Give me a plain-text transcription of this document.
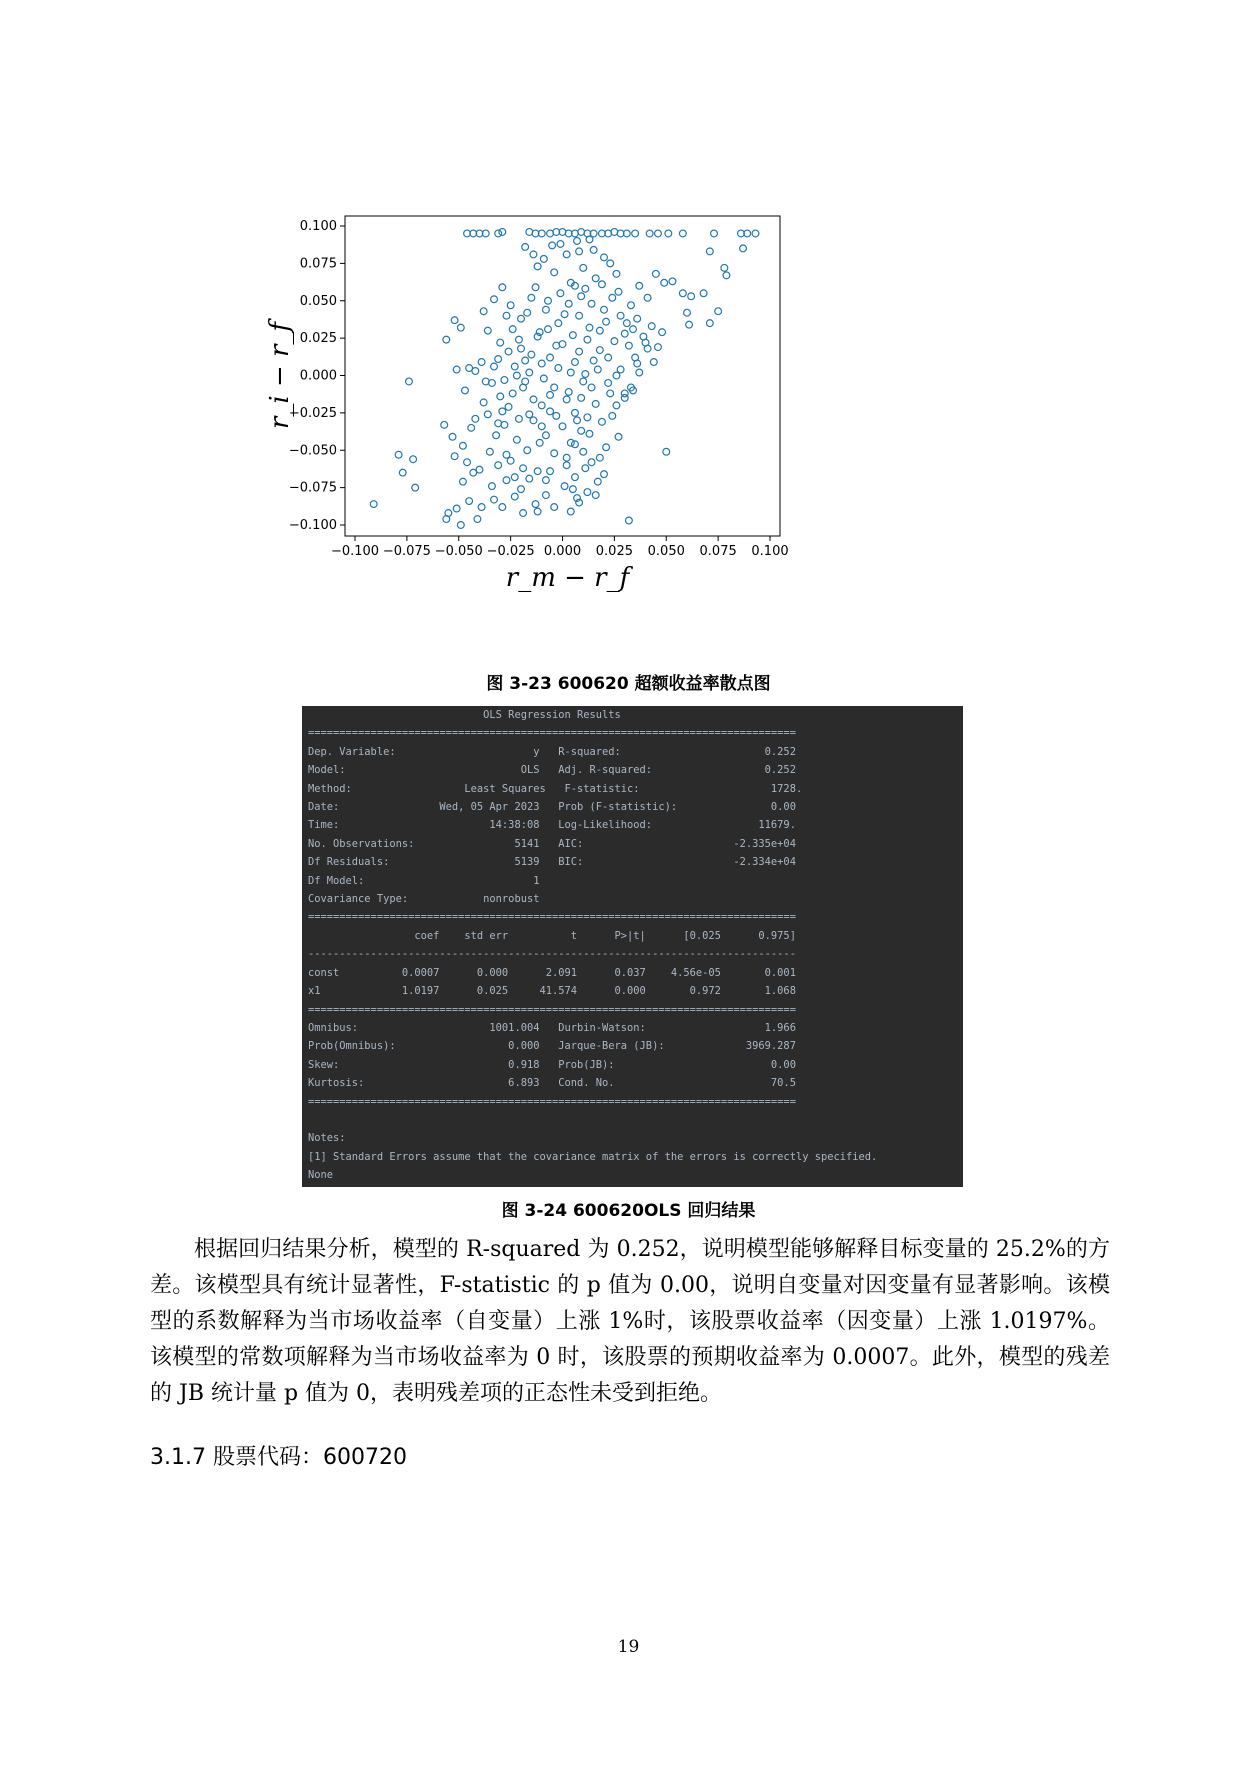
−0.100 −0.075 −0.050 −0.025 0.000 0.025 0.050 0.075 0.100
0.100
0.075
0.050
0.025
0.000
−0.025
−0.050
−0.075
−0.100
r_m − r_f
r_i − r_f
图 3-23 600620 超额收益率散点图
OLS Regression Results
==============================================================================
Dep. Variable:                      y   R-squared:                       0.252
Model:                            OLS   Adj. R-squared:                  0.252
Method:                  Least Squares   F-statistic:                     1728.
Date:                Wed, 05 Apr 2023   Prob (F-statistic):               0.00
Time:                        14:38:08   Log-Likelihood:                 11679.
No. Observations:                5141   AIC:                        -2.335e+04
Df Residuals:                    5139   BIC:                        -2.334e+04
Df Model:                           1
Covariance Type:            nonrobust
==============================================================================
coef    std err          t      P>|t|      [0.025      0.975]
------------------------------------------------------------------------------
const          0.0007      0.000      2.091      0.037    4.56e-05       0.001
x1             1.0197      0.025     41.574      0.000       0.972       1.068
==============================================================================
Omnibus:                     1001.004   Durbin-Watson:                   1.966
Prob(Omnibus):                  0.000   Jarque-Bera (JB):             3969.287
Skew:                           0.918   Prob(JB):                         0.00
Kurtosis:                       6.893   Cond. No.                         70.5
==============================================================================

Notes:
[1] Standard Errors assume that the covariance matrix of the errors is correctly specified.
None
图 3-24 600620OLS 回归结果

根据回归结果分析，模型的 R-squared 为 0.252，说明模型能够解释目标变量的 25.2%的方差。该模型具有统计显著性，F-statistic 的 p 值为 0.00，说明自变量对因变量有显著影响。该模型的系数解释为当市场收益率（自变量）上涨 1%时，该股票收益率（因变量）上涨 1.0197%。该模型的常数项解释为当市场收益率为 0 时，该股票的预期收益率为 0.0007。此外，模型的残差的 JB 统计量 p 值为 0，表明残差项的正态性未受到拒绝。

3.1.7 股票代码：600720
19
